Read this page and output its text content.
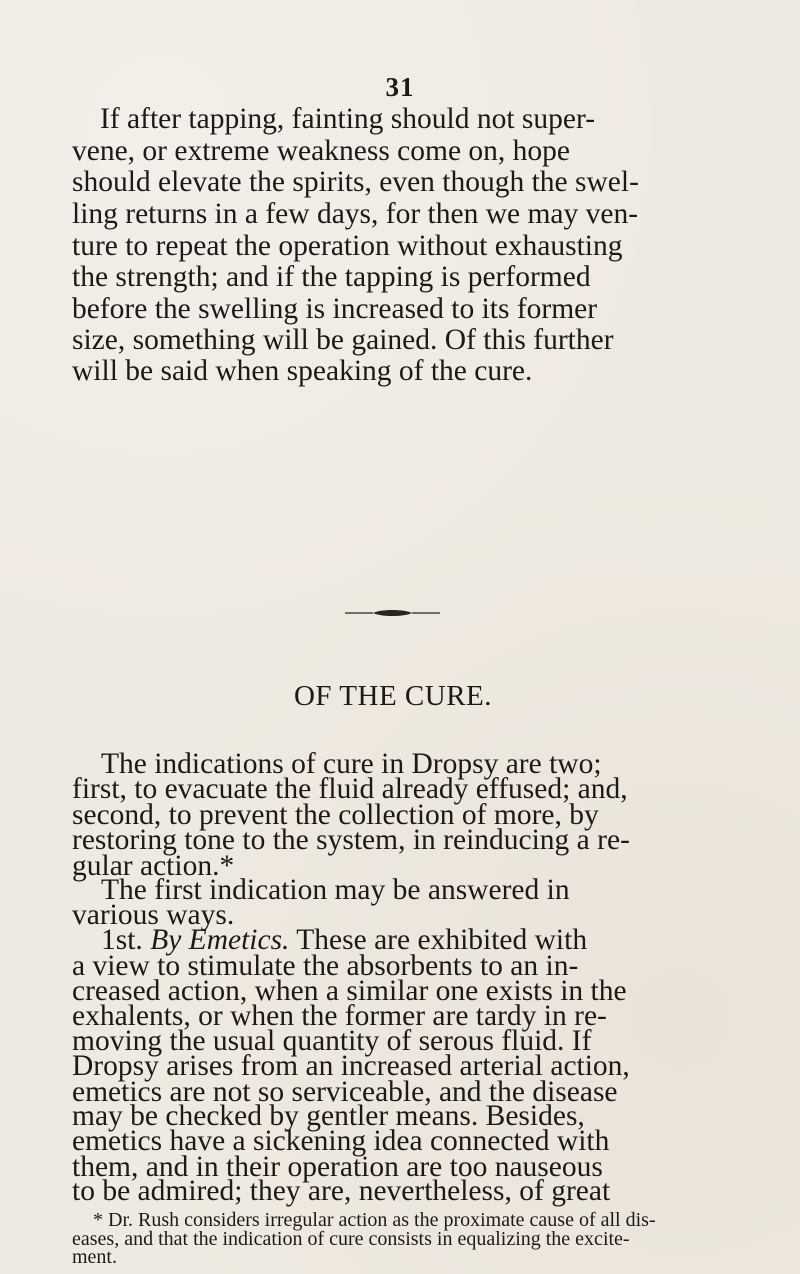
31
If after tapping, fainting should not super-
vene, or extreme weakness come on, hope
should elevate the spirits, even though the swel-
ling returns in a few days, for then we may ven-
ture to repeat the operation without exhausting
the strength; and if the tapping is performed
before the swelling is increased to its former
size, something will be gained. Of this further
will be said when speaking of the cure.
OF THE CURE.
The indications of cure in Dropsy are two;
first, to evacuate the fluid already effused; and,
second, to prevent the collection of more, by
restoring tone to the system, in reinducing a re-
gular action.*
The first indication may be answered in
various ways.
1st. By Emetics. These are exhibited with
a view to stimulate the absorbents to an in-
creased action, when a similar one exists in the
exhalents, or when the former are tardy in re-
moving the usual quantity of serous fluid. If
Dropsy arises from an increased arterial action,
emetics are not so serviceable, and the disease
may be checked by gentler means. Besides,
emetics have a sickening idea connected with
them, and in their operation are too nauseous
to be admired; they are, nevertheless, of great
* Dr. Rush considers irregular action as the proximate cause of all dis-
eases, and that the indication of cure consists in equalizing the excite-
ment.
